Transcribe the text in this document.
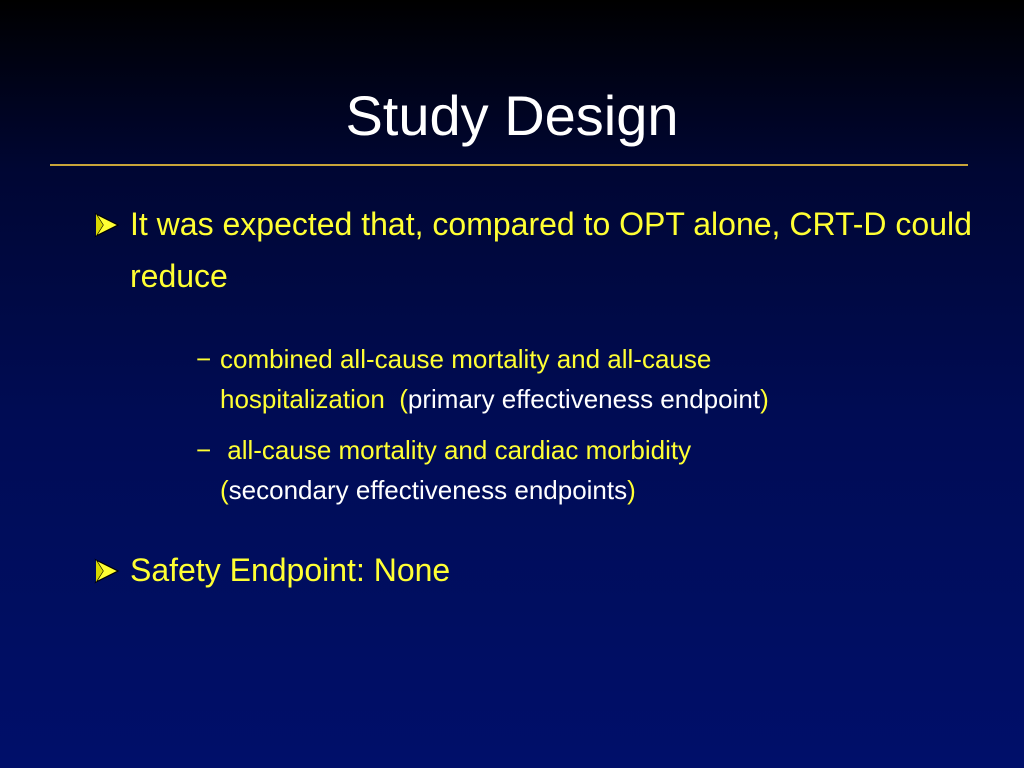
Study Design
It was expected that, compared to OPT alone, CRT-D could reduce
− combined all-cause mortality and all-cause hospitalization (primary effectiveness endpoint)
− all-cause mortality and cardiac morbidity
(secondary effectiveness endpoints)
Safety Endpoint: None
